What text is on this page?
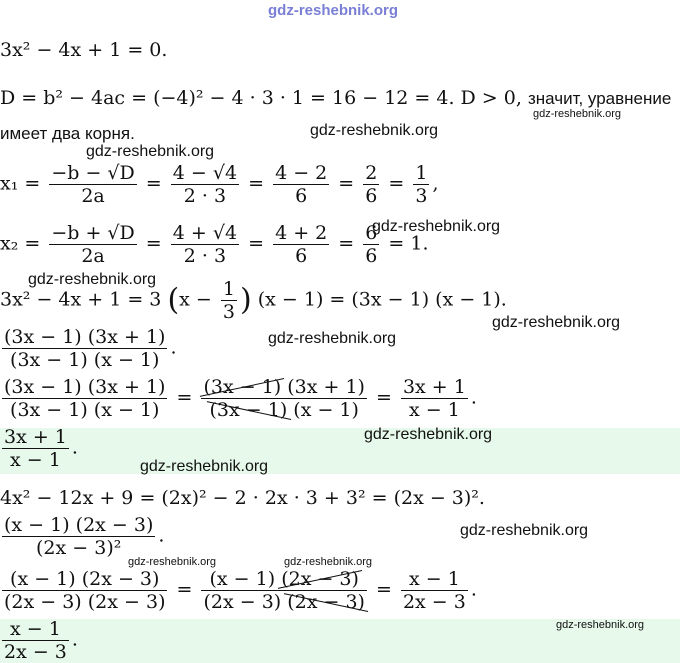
gdz-reshebnik.org
gdz-reshebnik.org
gdz-reshebnik.org
gdz-reshebnik.org
gdz-reshebnik.org
gdz-reshebnik.org
gdz-reshebnik.org
gdz-reshebnik.org
gdz-reshebnik.org
gdz-reshebnik.org
gdz-reshebnik.org
gdz-reshebnik.org	gdz-reshebnik.org
gdz-reshebnik.org
3x² − 4x + 1 = 0.
D = b² − 4ac = (−4)² − 4 · 3 · 1 = 16 − 12 = 4. D > 0, значит, уравнение
имеет два корня.
$x_1 = \frac{-b - √D}{2a} = \frac{4 - √4}{2 \cdot 3} = \frac{4 - 2}{6} = \frac{2}{6} = \frac{1}{3}$ ,
$x_2 = \frac{-b + √D}{2a} = \frac{4 + √4}{2 \cdot 3} = \frac{4 + 2}{6} = \frac{6}{6} = 1$.
3x² − 4x + 1 = 3 ($x - \frac{1}{3}$ ) (x − 1) = (3x − 1) (x − 1).
$\frac{(3x - 1) (3x + 1)}{(3x - 1) (x - 1)}$ .
$\frac{(3x - 1) (3x + 1)}{(3x - 1) (x - 1)} = \frac{(3x - 1) (3x + 1)}{(3x - 1) (x - 1)} = \frac{3x + 1}{x - 1}$ .
$\frac{3x + 1}{x - 1}$ .
4x² − 12x + 9 = (2x)² − 2 · 2x · 3 + 3² = (2x − 3)².
$\frac{(x - 1) (2x - 3)}{\text{(2x − 3)²}}$ .
$\frac{(x - 1) (2x - 3)}{(2x - 3) (2x - 3)} = \frac{(x - 1) (2x - 3)}{(2x - 3) (2x - 3)} = \frac{x - 1}{2x - 3}$ .
$\frac{x - 1}{2x - 3}$ .
